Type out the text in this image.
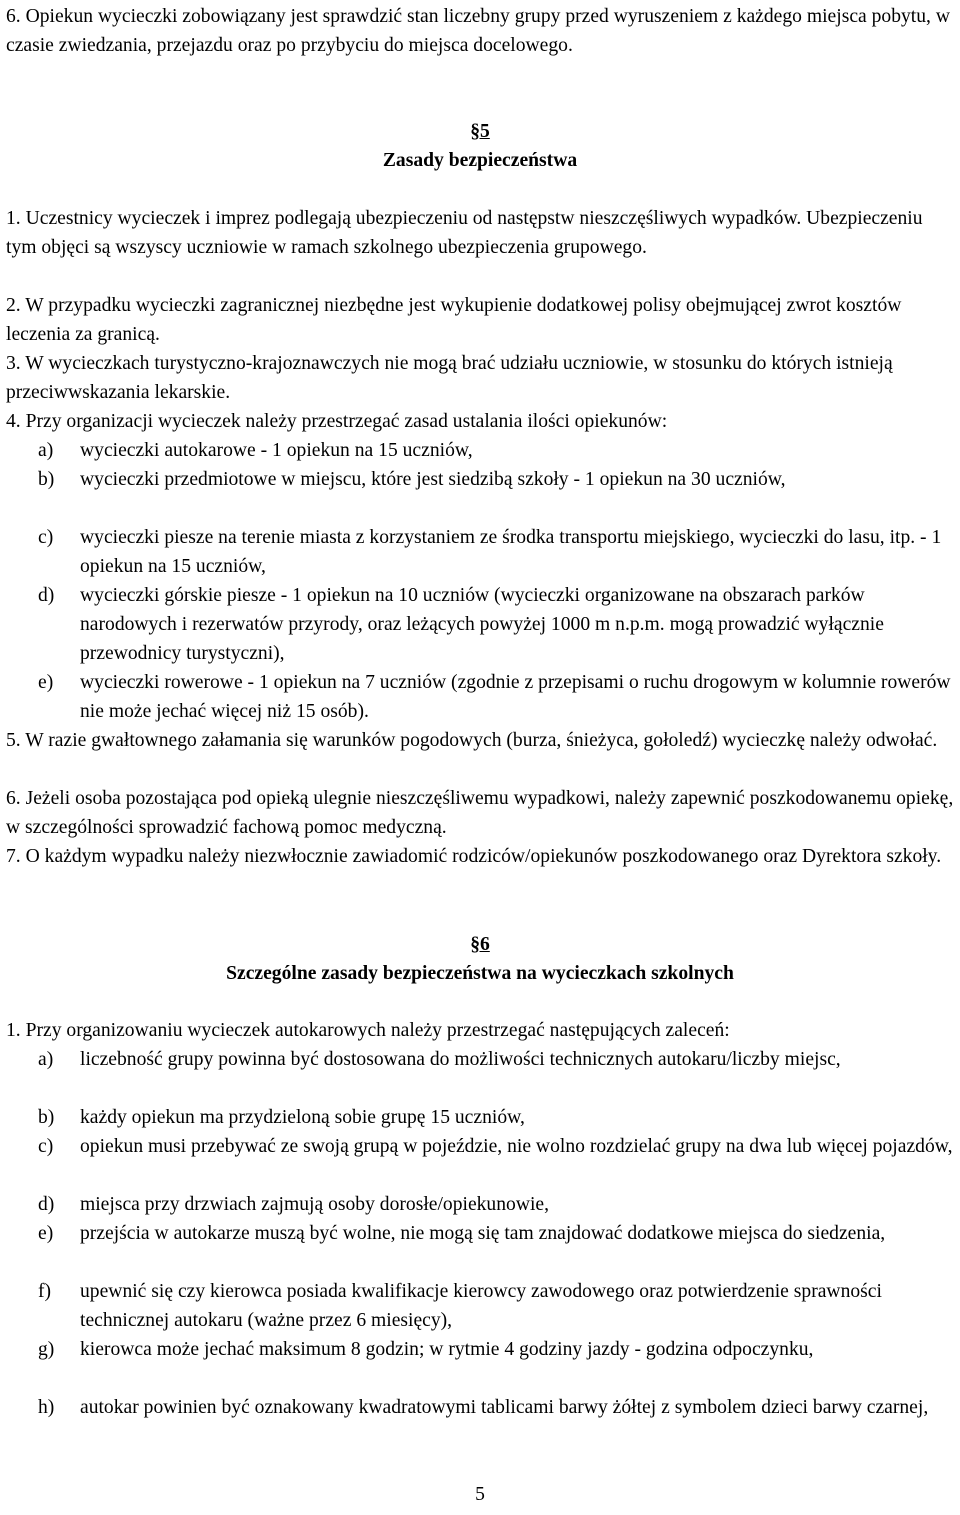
6. Opiekun wycieczki zobowiązany jest sprawdzić stan liczebny grupy przed wyruszeniem z każdego miejsca pobytu, w czasie zwiedzania, przejazdu oraz po przybyciu do miejsca docelowego.

§5

Zasady bezpieczeństwa

1. Uczestnicy wycieczek i imprez podlegają ubezpieczeniu od następstw nieszczęśliwych wypadków. Ubezpieczeniu tym objęci są wszyscy uczniowie w ramach szkolnego ubezpieczenia grupowego.

2. W przypadku wycieczki zagranicznej niezbędne jest wykupienie dodatkowej polisy obejmującej zwrot kosztów leczenia za granicą.

3. W wycieczkach turystyczno-krajoznawczych nie mogą brać udziału uczniowie, w stosunku do których istnieją przeciwwskazania lekarskie.

4. Przy organizacji wycieczek należy przestrzegać zasad ustalania ilości opiekunów:

a) wycieczki autokarowe - 1 opiekun na 15 uczniów,
b) wycieczki przedmiotowe w miejscu, które jest siedzibą szkoły - 1 opiekun na 30 uczniów,
c) wycieczki piesze na terenie miasta z korzystaniem ze środka transportu miejskiego, wycieczki do lasu, itp. - 1 opiekun na 15 uczniów,
d) wycieczki górskie piesze - 1 opiekun na 10 uczniów (wycieczki organizowane na obszarach parków narodowych i rezerwatów przyrody, oraz leżących powyżej 1000 m n.p.m. mogą prowadzić wyłącznie przewodnicy turystyczni),
e) wycieczki rowerowe - 1 opiekun na 7 uczniów (zgodnie z przepisami o ruchu drogowym w kolumnie rowerów nie może jechać więcej niż 15 osób).

5. W razie gwałtownego załamania się warunków pogodowych (burza, śnieżyca, gołoledź) wycieczkę należy odwołać.

6. Jeżeli osoba pozostająca pod opieką ulegnie nieszczęśliwemu wypadkowi, należy zapewnić poszkodowanemu opiekę, w szczególności sprowadzić fachową pomoc medyczną.

7. O każdym wypadku należy niezwłocznie zawiadomić rodziców/opiekunów poszkodowanego oraz Dyrektora szkoły.

§6

Szczególne zasady bezpieczeństwa na wycieczkach szkolnych

1. Przy organizowaniu wycieczek autokarowych należy przestrzegać następujących zaleceń:

a) liczebność grupy powinna być dostosowana do możliwości technicznych autokaru/liczby miejsc,
b) każdy opiekun ma przydzieloną sobie grupę 15 uczniów,
c) opiekun musi przebywać ze swoją grupą w pojeździe, nie wolno rozdzielać grupy na dwa lub więcej pojazdów,
d) miejsca przy drzwiach zajmują osoby dorosłe/opiekunowie,
e) przejścia w autokarze muszą być wolne, nie mogą się tam znajdować dodatkowe miejsca do siedzenia,
f) upewnić się czy kierowca posiada kwalifikacje kierowcy zawodowego oraz potwierdzenie sprawności technicznej autokaru (ważne przez 6 miesięcy),
g) kierowca może jechać maksimum 8 godzin; w rytmie 4 godziny jazdy - godzina odpoczynku,
h) autokar powinien być oznakowany kwadratowymi tablicami barwy żółtej z symbolem dzieci barwy czarnej,
5
